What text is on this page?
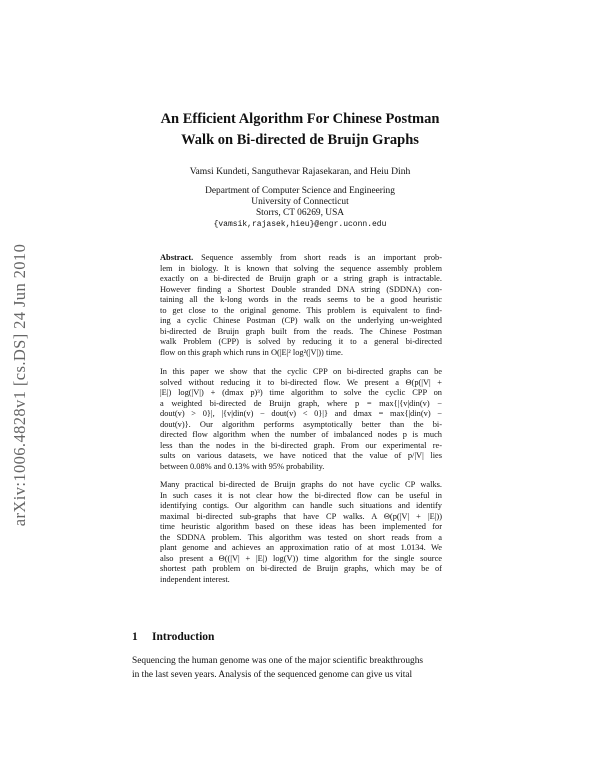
arXiv:1006.4828v1 [cs.DS] 24 Jun 2010
An Efficient Algorithm For Chinese Postman
Walk on Bi-directed de Bruijn Graphs
Vamsi Kundeti, Sanguthevar Rajasekaran, and Heiu Dinh
Department of Computer Science and Engineering
University of Connecticut
Storrs, CT 06269, USA
{vamsik,rajasek,hieu}@engr.uconn.edu
Abstract. Sequence assembly from short reads is an important prob-
lem in biology. It is known that solving the sequence assembly problem
exactly on a bi-directed de Bruijn graph or a string graph is intractable.
However finding a Shortest Double stranded DNA string (SDDNA) con-
taining all the k-long words in the reads seems to be a good heuristic
to get close to the original genome. This problem is equivalent to find-
ing a cyclic Chinese Postman (CP) walk on the underlying un-weighted
bi-directed de Bruijn graph built from the reads. The Chinese Postman
walk Problem (CPP) is solved by reducing it to a general bi-directed
flow on this graph which runs in O(|E|² log²(|V|)) time.
In this paper we show that the cyclic CPP on bi-directed graphs can be
solved without reducing it to bi-directed flow. We present a Θ(p(|V| +
|E|) log(|V|) + (dmax p)³) time algorithm to solve the cyclic CPP on
a weighted bi-directed de Bruijn graph, where p = max{|{v|din(v) −
dout(v) > 0}|, |{v|din(v) − dout(v) < 0}|} and dmax = max{|din(v) −
dout(v)}. Our algorithm performs asymptotically better than the bi-
directed flow algorithm when the number of imbalanced nodes p is much
less than the nodes in the bi-directed graph. From our experimental re-
sults on various datasets, we have noticed that the value of p/|V| lies
between 0.08% and 0.13% with 95% probability.
Many practical bi-directed de Bruijn graphs do not have cyclic CP walks.
In such cases it is not clear how the bi-directed flow can be useful in
identifying contigs. Our algorithm can handle such situations and identify
maximal bi-directed sub-graphs that have CP walks. A Θ(p(|V| + |E|))
time heuristic algorithm based on these ideas has been implemented for
the SDDNA problem. This algorithm was tested on short reads from a
plant genome and achieves an approximation ratio of at most 1.0134. We
also present a Θ((|V| + |E|) log(V)) time algorithm for the single source
shortest path problem on bi-directed de Bruijn graphs, which may be of
independent interest.
1 Introduction
Sequencing the human genome was one of the major scientific breakthroughs
in the last seven years. Analysis of the sequenced genome can give us vital
